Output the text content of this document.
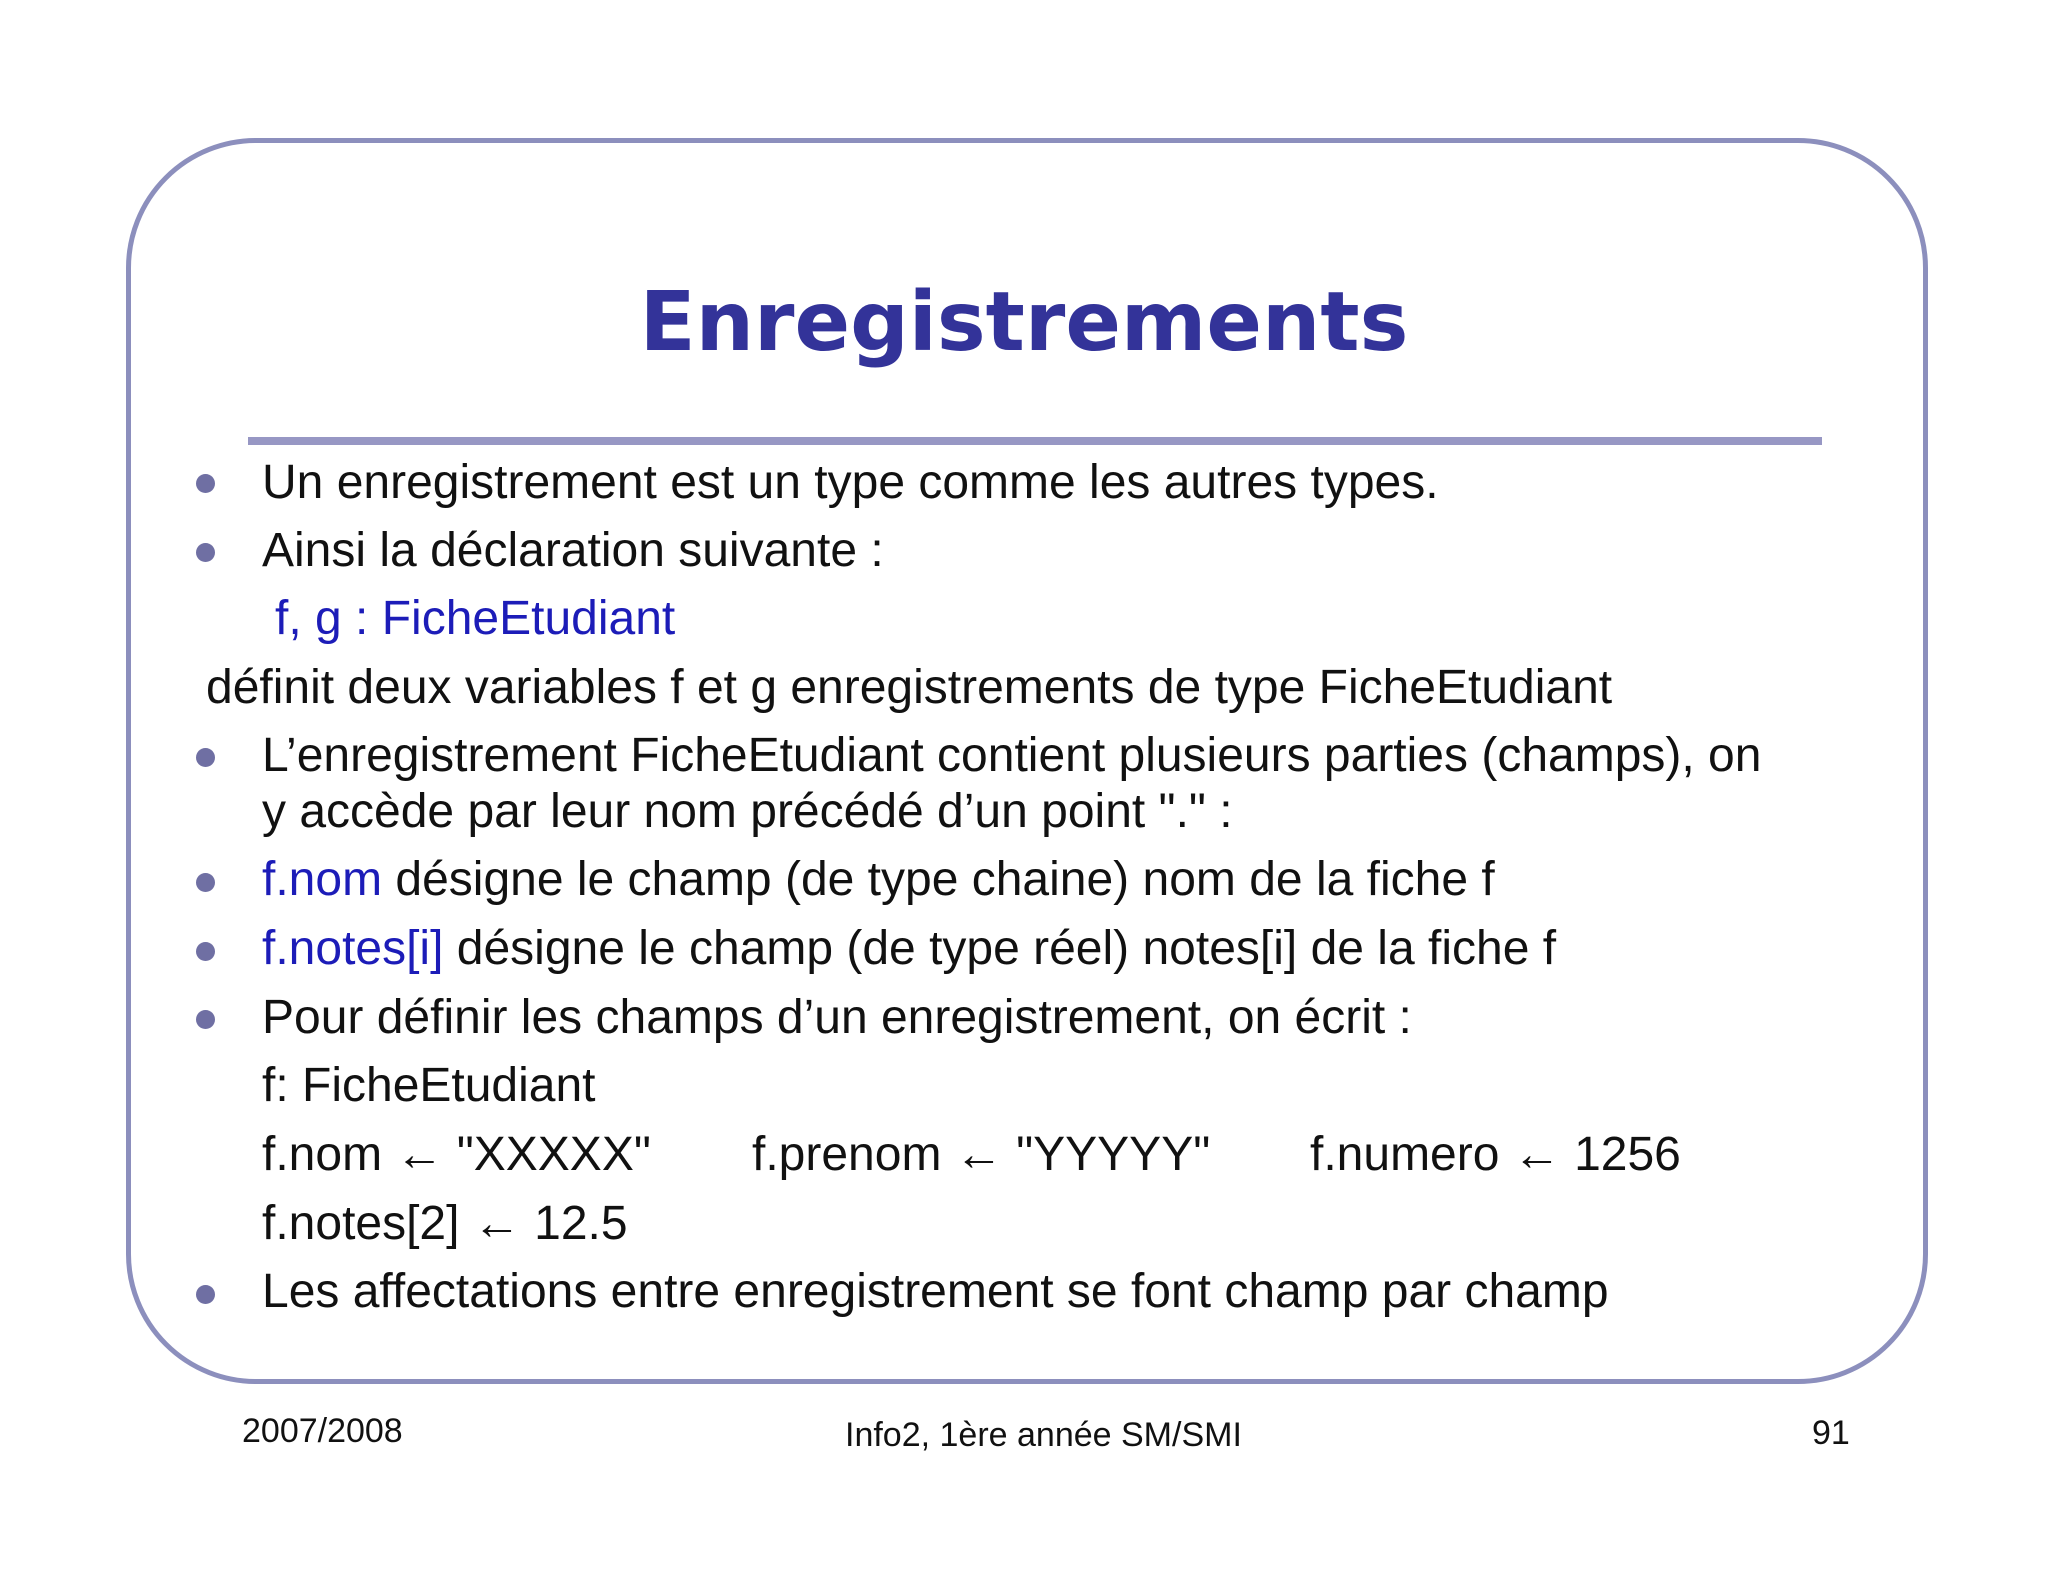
Enregistrements
Un enregistrement est un type comme les autres types.
Ainsi la déclaration suivante :
f, g : FicheEtudiant
définit deux variables f et g enregistrements de type FicheEtudiant
L’enregistrement FicheEtudiant contient plusieurs parties (champs), on
y accède par leur nom précédé d’un point "." :
f.nom désigne le champ (de type chaine) nom de la fiche f
f.notes[i] désigne le champ (de type réel) notes[i] de la fiche f
Pour définir les champs d’un enregistrement, on écrit :
f: FicheEtudiant
f.nom ← "XXXXX" f.prenom ← "YYYYY" f.numero ← 1256
f.notes[2] ← 12.5
Les affectations entre enregistrement se font champ par champ
2007/2008	Info2, 1ère année SM/SMI	91
